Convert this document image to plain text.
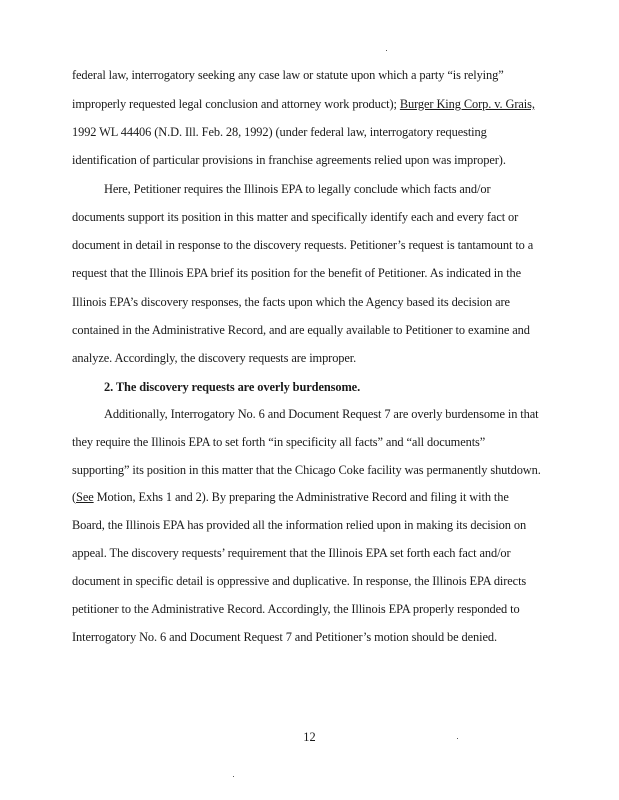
federal law, interrogatory seeking any case law or statute upon which a party “is relying”
improperly requested legal conclusion and attorney work product); Burger King Corp. v. Grais,
1992 WL 44406 (N.D. Ill. Feb. 28, 1992) (under federal law, interrogatory requesting
identification of particular provisions in franchise agreements relied upon was improper).
Here, Petitioner requires the Illinois EPA to legally conclude which facts and/or
documents support its position in this matter and specifically identify each and every fact or
document in detail in response to the discovery requests. Petitioner’s request is tantamount to a
request that the Illinois EPA brief its position for the benefit of Petitioner. As indicated in the
Illinois EPA’s discovery responses, the facts upon which the Agency based its decision are
contained in the Administrative Record, and are equally available to Petitioner to examine and
analyze. Accordingly, the discovery requests are improper.
2. The discovery requests are overly burdensome.
Additionally, Interrogatory No. 6 and Document Request 7 are overly burdensome in that
they require the Illinois EPA to set forth “in specificity all facts” and “all documents”
supporting” its position in this matter that the Chicago Coke facility was permanently shutdown.
(See Motion, Exhs 1 and 2). By preparing the Administrative Record and filing it with the
Board, the Illinois EPA has provided all the information relied upon in making its decision on
appeal. The discovery requests’ requirement that the Illinois EPA set forth each fact and/or
document in specific detail is oppressive and duplicative. In response, the Illinois EPA directs
petitioner to the Administrative Record. Accordingly, the Illinois EPA properly responded to
Interrogatory No. 6 and Document Request 7 and Petitioner’s motion should be denied.
12
